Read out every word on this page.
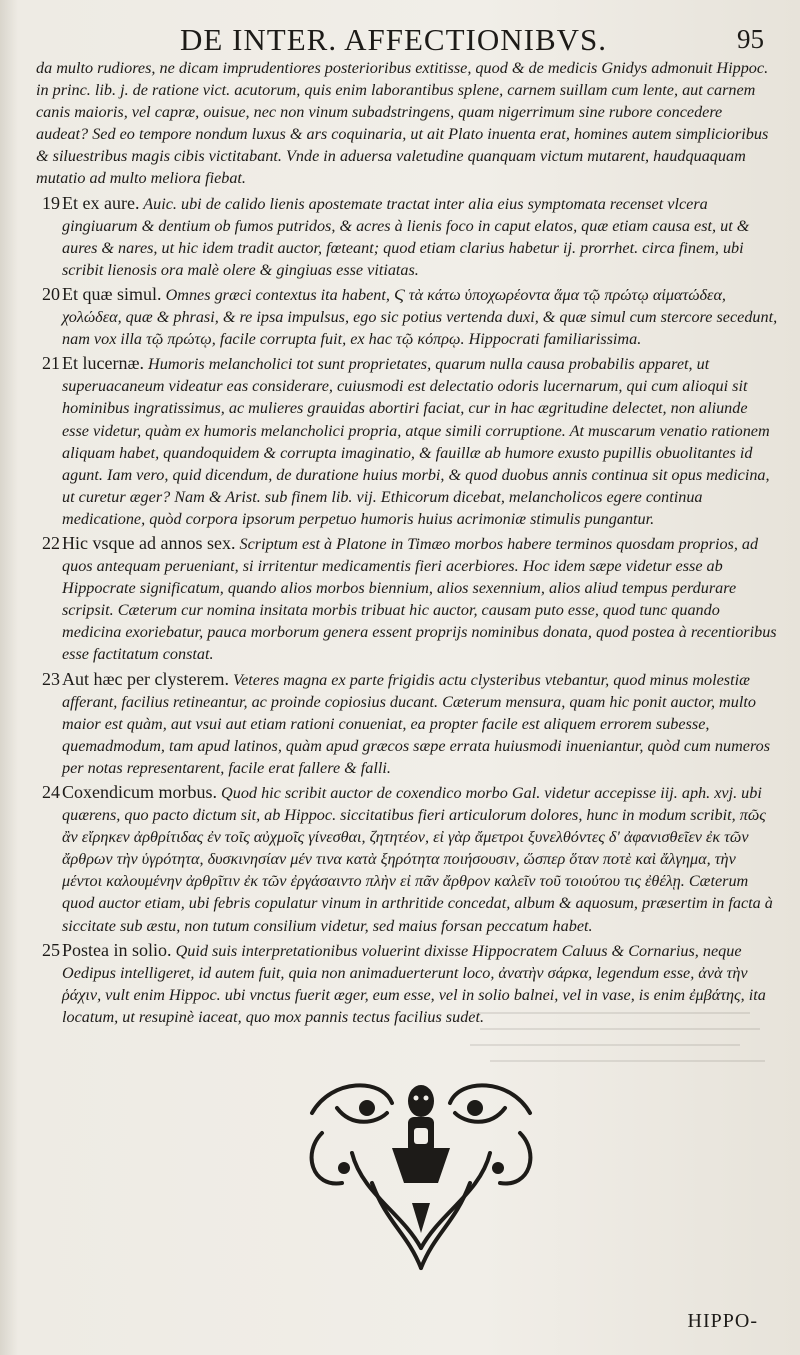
DE INTER. AFFECTIONIBVS.	95
da multo rudiores, ne dicam imprudentiores posterioribus extitisse, quod & de medicis Gnidys admonuit Hippoc. in princ. lib. j. de ratione vict. acutorum, quis enim laborantibus splene, carnem suillam cum lente, aut carnem canis maioris, vel capræ, ouisue, nec non vinum subadstringens, quam nigerrimum sine rubore concedere audeat? Sed eo tempore nondum luxus & ars coquinaria, ut ait Plato inuenta erat, homines autem simplicioribus & siluestribus magis cibis victitabant. Vnde in aduersa valetudine quanquam victum mutarent, haudquaquam mutatio ad multo meliora fiebat.
19 Et ex aure. Auic. ubi de calido lienis apostemate tractat inter alia eius symptomata recenset vlcera gingiuarum & dentium ob fumos putridos, & acres à lienis foco in caput elatos, quæ etiam causa est, ut & aures & nares, ut hic idem tradit auctor, fœteant; quod etiam clarius habetur ij. prorrhet. circa finem, ubi scribit lienosis ora malè olere & gingiuas esse vitiatas.
20 Et quæ simul. Omnes græci contextus ita habent, Ϛ τὰ κάτω ὑποχωρέοντα ἅμα τῷ πρώτῳ αἱματώδεα, χολώδεα, quæ & phrasi, & re ipsa impulsus, ego sic potius vertenda duxi, & quæ simul cum stercore secedunt, nam vox illa τῷ πρώτῳ, facile corrupta fuit, ex hac τῷ κόπρῳ. Hippocrati familiarissima.
21 Et lucernæ. Humoris melancholici tot sunt proprietates, quarum nulla causa probabilis apparet, ut superuacaneum videatur eas considerare, cuiusmodi est delectatio odoris lucernarum, qui cum alioqui sit hominibus ingratissimus, ac mulieres grauidas abortiri faciat, cur in hac ægritudine delectet, non aliunde esse videtur, quàm ex humoris melancholici propria, atque simili corruptione. At muscarum venatio rationem aliquam habet, quandoquidem & corrupta imaginatio, & fauillæ ab humore exusto pupillis obuolitantes id agunt. Iam vero, quid dicendum, de duratione huius morbi, & quod duobus annis continua sit opus medicina, ut curetur æger? Nam & Arist. sub finem lib. vij. Ethicorum dicebat, melancholicos egere continua medicatione, quòd corpora ipsorum perpetuo humoris huius acrimoniæ stimulis pungantur.
22 Hic vsque ad annos sex. Scriptum est à Platone in Timæo morbos habere terminos quosdam proprios, ad quos antequam perueniant, si irritentur medicamentis fieri acerbiores. Hoc idem sæpe videtur esse ab Hippocrate significatum, quando alios morbos biennium, alios sexennium, alios aliud tempus perdurare scripsit. Cæterum cur nomina insitata morbis tribuat hic auctor, causam puto esse, quod tunc quando medicina exoriebatur, pauca morborum genera essent proprijs nominibus donata, quod postea à recentioribus esse factitatum constat.
23 Aut hæc per clysterem. Veteres magna ex parte frigidis actu clysteribus vtebantur, quod minus molestiæ afferant, facilius retineantur, ac proinde copiosius ducant. Cæterum mensura, quam hic ponit auctor, multo maior est quàm, aut vsui aut etiam rationi conueniat, ea propter facile est aliquem errorem subesse, quemadmodum, tam apud latinos, quàm apud græcos sæpe errata huiusmodi inueniantur, quòd cum numeros per notas representarent, facile erat fallere & falli.
24 Coxendicum morbus. Quod hic scribit auctor de coxendico morbo Gal. videtur accepisse iij. aph. xvj. ubi quærens, quo pacto dictum sit, ab Hippoc. siccitatibus fieri articulorum dolores, hunc in modum scribit, πῶς ἂν εἴρηκεν ἀρθρίτιδας ἐν τοῖς αὐχμοῖς γίνεσθαι, ζητητέον, εἰ γὰρ ἄμετροι ξυνελθόντες δ' ἀφανισθεῖεν ἐκ τῶν ἄρθρων τὴν ὑγρότητα, δυσκινησίαν μέν τινα κατὰ ξηρότητα ποιήσουσιν, ὥσπερ ὅταν ποτὲ καὶ ἄλγημα, τὴν μέντοι καλουμένην ἀρθρῖτιν ἐκ τῶν ἐργάσαιντο πλὴν εἰ πᾶν ἄρθρον καλεῖν τοῦ τοιούτου τις ἐθέλῃ. Cæterum quod auctor etiam, ubi febris copulatur vinum in arthritide concedat, album & aquosum, præsertim in facta à siccitate sub æstu, non tutum consilium videtur, sed maius forsan peccatum habet.
25 Postea in solio. Quid suis interpretationibus voluerint dixisse Hippocratem Caluus & Cornarius, neque Oedipus intelligeret, id autem fuit, quia non animaduerterunt loco, ἀνατὴν σάρκα, legendum esse, ἀνὰ τὴν ῥάχιν, vult enim Hippoc. ubi vnctus fuerit æger, eum esse, vel in solio balnei, vel in vase, is enim ἐμβάτης, ita locatum, ut resupinè iaceat, quo mox pannis tectus facilius sudet.
HIPPO-
